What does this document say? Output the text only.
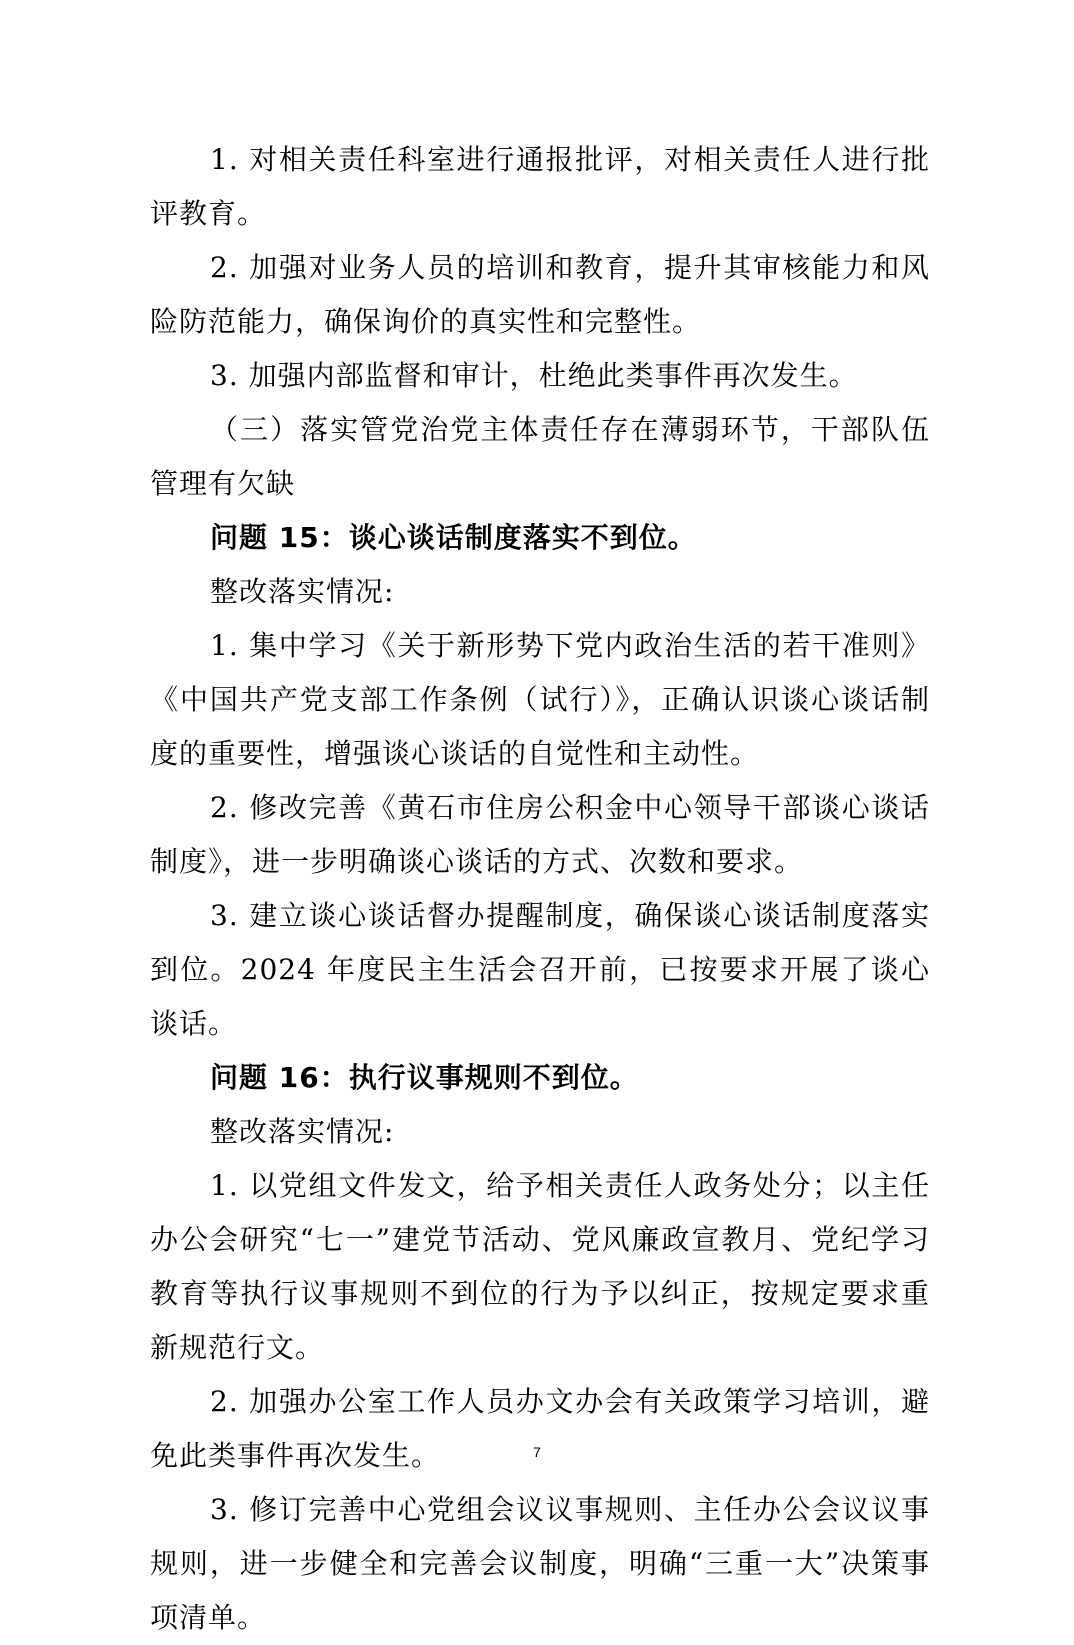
1. 对相关责任科室进行通报批评，对相关责任人进行批评教育。

2. 加强对业务人员的培训和教育，提升其审核能力和风险防范能力，确保询价的真实性和完整性。

3. 加强内部监督和审计，杜绝此类事件再次发生。

（三）落实管党治党主体责任存在薄弱环节，干部队伍管理有欠缺

问题 15：谈心谈话制度落实不到位。

整改落实情况:

1. 集中学习《关于新形势下党内政治生活的若干准则》《中国共产党支部工作条例（试行）》，正确认识谈心谈话制度的重要性，增强谈心谈话的自觉性和主动性。

2. 修改完善《黄石市住房公积金中心领导干部谈心谈话制度》，进一步明确谈心谈话的方式、次数和要求。

3. 建立谈心谈话督办提醒制度，确保谈心谈话制度落实到位。2024 年度民主生活会召开前，已按要求开展了谈心谈话。

问题 16：执行议事规则不到位。

整改落实情况:

1. 以党组文件发文，给予相关责任人政务处分；以主任办公会研究“七一”建党节活动、党风廉政宣教月、党纪学习教育等执行议事规则不到位的行为予以纠正，按规定要求重新规范行文。

2. 加强办公室工作人员办文办会有关政策学习培训，避免此类事件再次发生。

3. 修订完善中心党组会议议事规则、主任办公会议议事规则，进一步健全和完善会议制度，明确“三重一大”决策事项清单。

7
